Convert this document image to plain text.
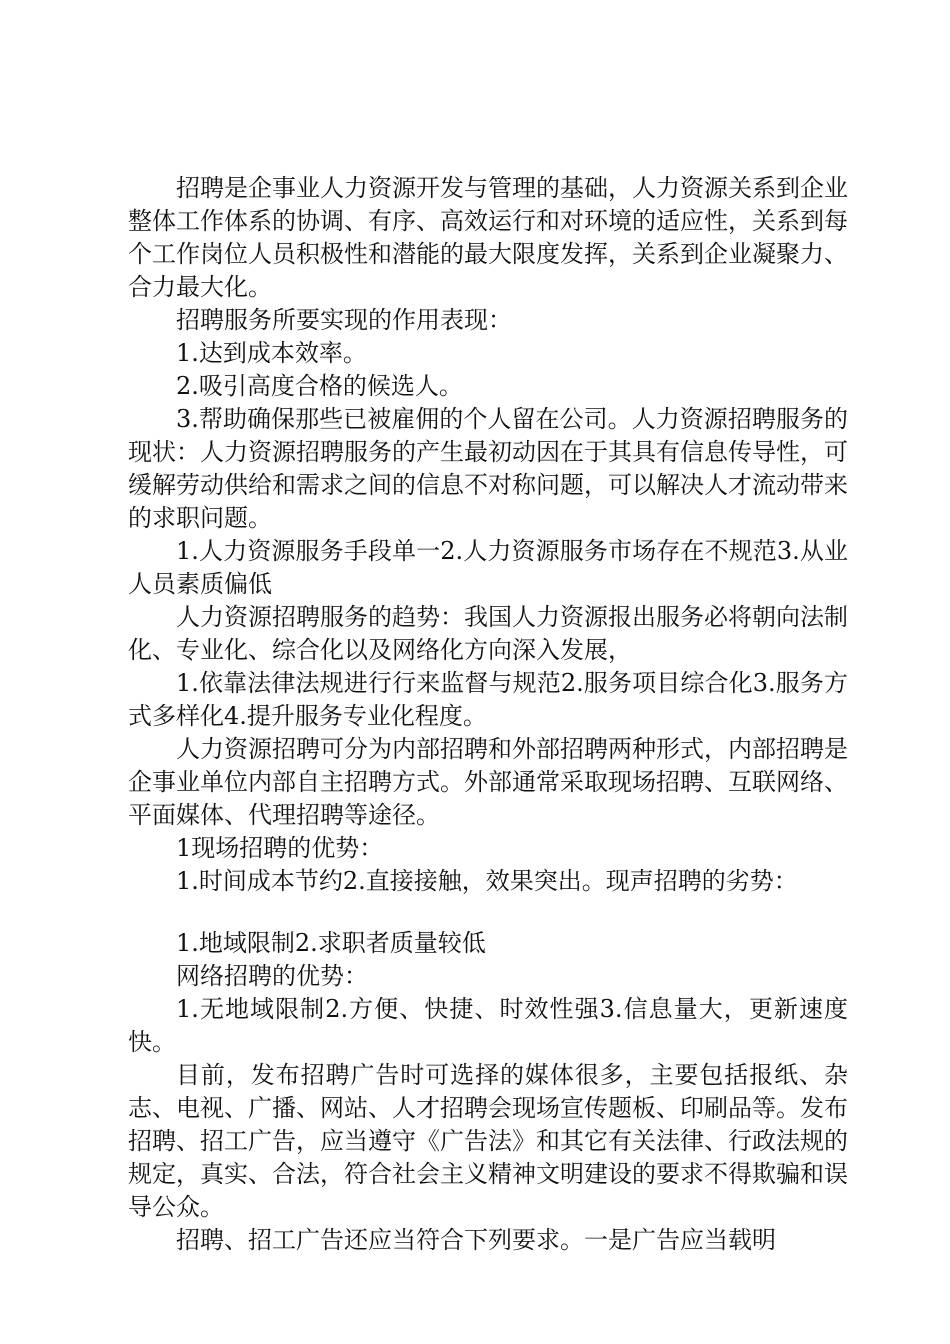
招聘是企事业人力资源开发与管理的基础，人力资源关系到企业整体工作体系的协调、有序、高效运行和对环境的适应性，关系到每个工作岗位人员积极性和潜能的最大限度发挥，关系到企业凝聚力、合力最大化。

招聘服务所要实现的作用表现：

1.达到成本效率。

2.吸引高度合格的候选人。

3.帮助确保那些已被雇佣的个人留在公司。人力资源招聘服务的现状：人力资源招聘服务的产生最初动因在于其具有信息传导性，可缓解劳动供给和需求之间的信息不对称问题，可以解决人才流动带来的求职问题。

1.人力资源服务手段单一2.人力资源服务市场存在不规范3.从业人员素质偏低

人力资源招聘服务的趋势：我国人力资源报出服务必将朝向法制化、专业化、综合化以及网络化方向深入发展，

1.依靠法律法规进行行来监督与规范2.服务项目综合化3.服务方式多样化4.提升服务专业化程度。

人力资源招聘可分为内部招聘和外部招聘两种形式，内部招聘是企事业单位内部自主招聘方式。外部通常采取现场招聘、互联网络、平面媒体、代理招聘等途径。

1现场招聘的优势：

1.时间成本节约2.直接接触，效果突出。现声招聘的劣势：

1.地域限制2.求职者质量较低

网络招聘的优势：

1.无地域限制2.方便、快捷、时效性强3.信息量大，更新速度快。

目前，发布招聘广告时可选择的媒体很多，主要包括报纸、杂志、电视、广播、网站、人才招聘会现场宣传题板、印刷品等。发布招聘、招工广告，应当遵守《广告法》和其它有关法律、行政法规的规定，真实、合法，符合社会主义精神文明建设的要求不得欺骗和误导公众。

招聘、招工广告还应当符合下列要求。一是广告应当载明
